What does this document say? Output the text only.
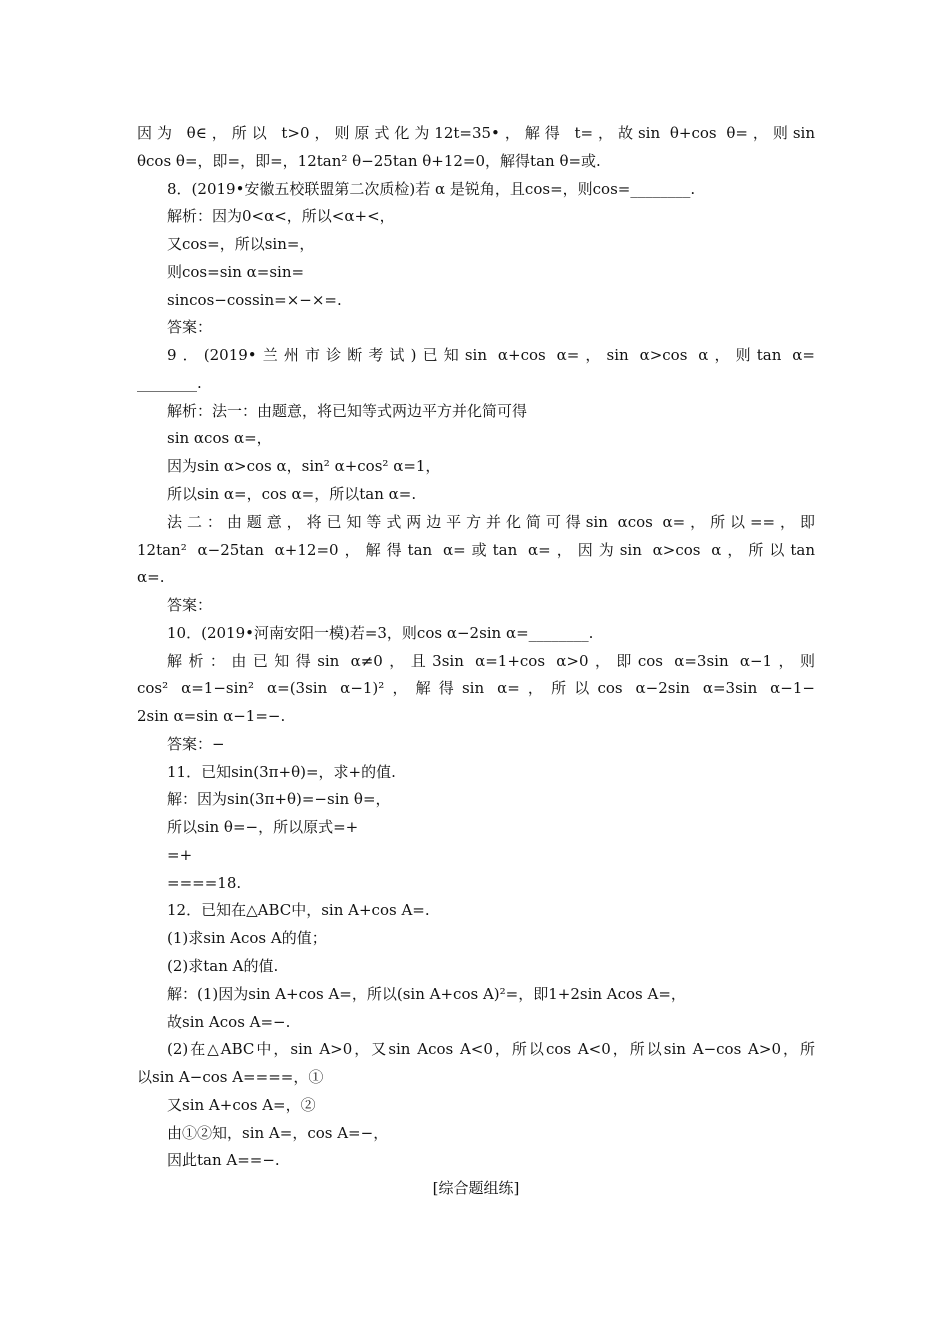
因为 θ∈，所以 t>0，则原式化为12t=35•，解得 t=，故sin θ+cos θ=，则sin
θcos θ=，即=，即=，12tan² θ−25tan θ+12=0，解得tan θ=或.
8．(2019•安徽五校联盟第二次质检)若 α 是锐角，且cos=，则cos=________.
解析：因为0<α<，所以<α+<，
又cos=，所以sin=，
则cos=sin α=sin=
sincos−cossin=×−×=.
答案：
9．(2019•兰州市诊断考试)已知sin α+cos α=，sin α>cos α，则tan α=
________.
解析：法一：由题意，将已知等式两边平方并化简可得
sin αcos α=，
因为sin α>cos α，sin² α+cos² α=1，
所以sin α=，cos α=，所以tan α=.
法二：由题意，将已知等式两边平方并化简可得sin αcos α=，所以==，即
12tan² α−25tan α+12=0，解得tan α=或tan α=，因为sin α>cos α，所以tan
α=.
答案：
10．(2019•河南安阳一模)若=3，则cos α−2sin α=________.
解析：由已知得sin α≠0，且3sin α=1+cos α>0，即cos α=3sin α−1，则
cos² α=1−sin² α=(3sin α−1)²，解得sin α=，所以cos α−2sin α=3sin α−1−
2sin α=sin α−1=−.
答案：−
11．已知sin(3π+θ)=，求+的值.
解：因为sin(3π+θ)=−sin θ=，
所以sin θ=−，所以原式=+
=+
====18.
12．已知在△ABC中，sin A+cos A=.
(1)求sin Acos A的值；
(2)求tan A的值.
解：(1)因为sin A+cos A=，所以(sin A+cos A)²=，即1+2sin Acos A=，
故sin Acos A=−.
(2)在△ABC中，sin A>0，又sin Acos A<0，所以cos A<0，所以sin A−cos A>0，所
以sin A−cos A====，①
又sin A+cos A=，②
由①②知，sin A=，cos A=−，
因此tan A==−.
[综合题组练]
